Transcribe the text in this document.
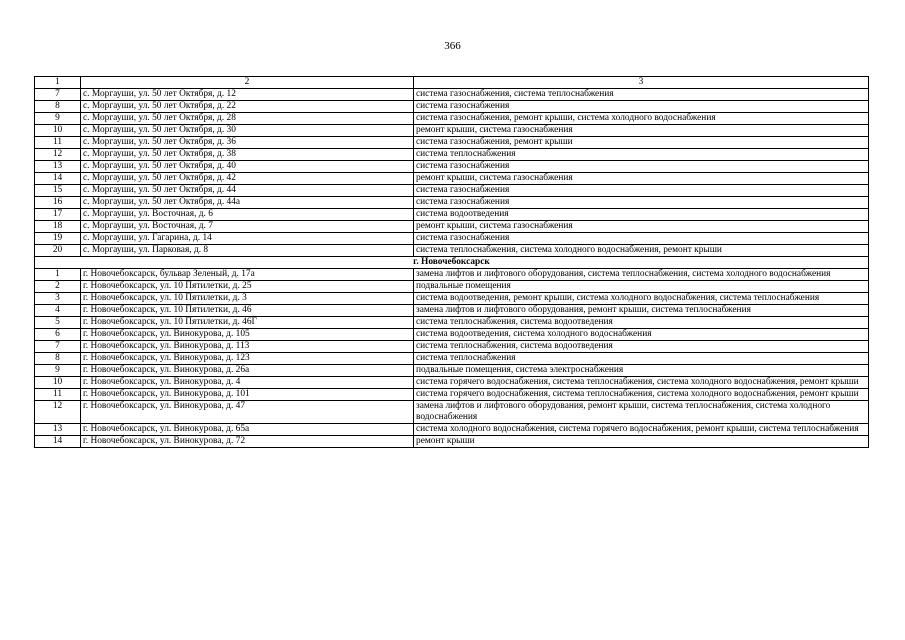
366
1	2	3
7	с. Моргауши, ул. 50 лет Октября, д. 12	система газоснабжения, система теплоснабжения
8	с. Моргауши, ул. 50 лет Октября, д. 22	система газоснабжения
9	с. Моргауши, ул. 50 лет Октября, д. 28	система газоснабжения, ремонт крыши, система холодного водоснабжения
10	с. Моргауши, ул. 50 лет Октября, д. 30	ремонт крыши, система газоснабжения
11	с. Моргауши, ул. 50 лет Октября, д. 36	система газоснабжения, ремонт крыши
12	с. Моргауши, ул. 50 лет Октября, д. 38	система теплоснабжения
13	с. Моргауши, ул. 50 лет Октября, д. 40	система газоснабжения
14	с. Моргауши, ул. 50 лет Октября, д. 42	ремонт крыши, система газоснабжения
15	с. Моргауши, ул. 50 лет Октября, д. 44	система газоснабжения
16	с. Моргауши, ул. 50 лет Октября, д. 44а	система газоснабжения
17	с. Моргауши, ул. Восточная, д. 6	система водоотведения
18	с. Моргауши, ул. Восточная, д. 7	ремонт крыши, система газоснабжения
19	с. Моргауши, ул. Гагарина, д. 14	система газоснабжения
20	с. Моргауши, ул. Парковая, д. 8	система теплоснабжения, система холодного водоснабжения, ремонт крыши
г. Новочебоксарск		
1	г. Новочебоксарск, бульвар Зеленый, д. 17а	замена лифтов и лифтового оборудования, система теплоснабжения, система холодного водоснабжения
2	г. Новочебоксарск, ул. 10 Пятилетки, д. 25	подвальные помещения
3	г. Новочебоксарск, ул. 10 Пятилетки, д. 3	система водоотведения, ремонт крыши, система холодного водоснабжения, система теплоснабжения
4	г. Новочебоксарск, ул. 10 Пятилетки, д. 46	замена лифтов и лифтового оборудования, ремонт крыши, система теплоснабжения
5	г. Новочебоксарск, ул. 10 Пятилетки, д. 46Г	система теплоснабжения, система водоотведения
6	г. Новочебоксарск, ул. Винокурова, д. 105	система водоотведения, система холодного водоснабжения
7	г. Новочебоксарск, ул. Винокурова, д. 113	система теплоснабжения, система водоотведения
8	г. Новочебоксарск, ул. Винокурова, д. 123	система теплоснабжения
9	г. Новочебоксарск, ул. Винокурова, д. 26а	подвальные помещения, система электроснабжения
10	г. Новочебоксарск, ул. Винокурова, д. 4	система горячего водоснабжения, система теплоснабжения, система холодного водоснабжения, ремонт крыши
11	г. Новочебоксарск, ул. Винокурова, д. 101	система горячего водоснабжения, система теплоснабжения, система холодного водоснабжения, ремонт крыши
12	г. Новочебоксарск, ул. Винокурова, д. 47	замена лифтов и лифтового оборудования, ремонт крыши, система теплоснабжения, система холодного водоснабжения
13	г. Новочебоксарск, ул. Винокурова, д. 65а	система холодного водоснабжения, система горячего водоснабжения, ремонт крыши, система теплоснабжения
14	г. Новочебоксарск, ул. Винокурова, д. 72	ремонт крыши
